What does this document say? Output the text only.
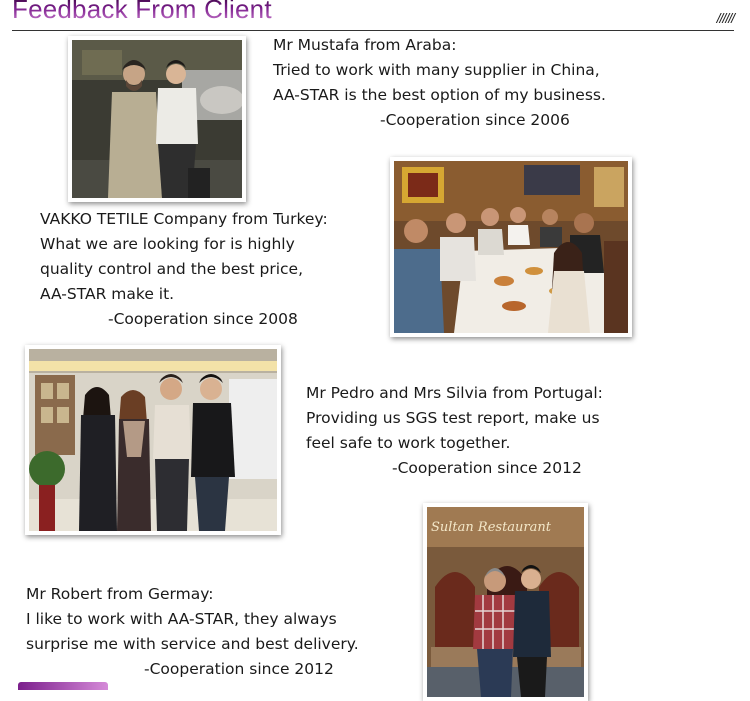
Feedback From Client	//////
Mr Mustafa from Araba:
Tried to work with many supplier in China,
AA-STAR is the best option of my business.
-Cooperation since 2006
VAKKO TETILE Company from Turkey:
What we are looking for is highly
quality control and the best price,
AA-STAR make it.
-Cooperation since 2008
Mr Pedro and Mrs Silvia from Portugal:
Providing us SGS test report, make us
feel safe to work together.
-Cooperation since 2012
Sultan Restaurant
Mr Robert from Germay:
I like to work with AA-STAR, they always
surprise me with service and best delivery.
-Cooperation since 2012
